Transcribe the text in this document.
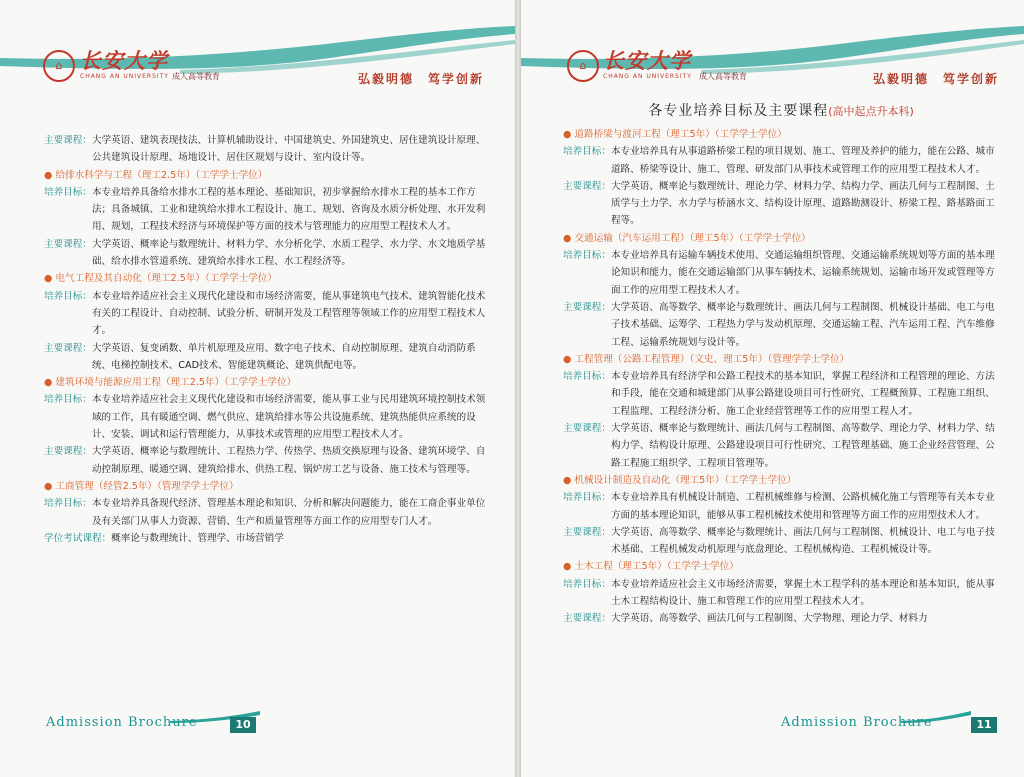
⌂ 长安大学
CHANG AN UNIVERSITY 成人高等教育	弘毅明德　笃学创新
主要课程： 大学英语、建筑表现技法、计算机辅助设计、中国建筑史、外国建筑史、居住建筑设计原理、公共建筑设计原理、场地设计、居住区规划与设计、室内设计等。
● 给排水科学与工程（理工2.5年）（工学学士学位）
培养目标： 本专业培养具备给水排水工程的基本理论、基础知识，初步掌握给水排水工程的基本工作方法；具备城镇、工业和建筑给水排水工程设计、施工、规划、咨询及水质分析处理、水开发利用、规划，工程技术经济与环境保护等方面的技术与管理能力的应用型工程技术人才。
主要课程： 大学英语、概率论与数理统计、材料力学、水分析化学、水质工程学、水力学、水文地质学基础、给水排水管道系统、建筑给水排水工程、水工程经济等。
● 电气工程及其自动化（理工2.5年）（工学学士学位）
培养目标： 本专业培养适应社会主义现代化建设和市场经济需要，能从事建筑电气技术、建筑智能化技术有关的工程设计、自动控制、试验分析、研制开发及工程管理等领域工作的应用型工程技术人才。
主要课程： 大学英语、复变函数、单片机原理及应用、数字电子技术、自动控制原理、建筑自动消防系统、电梯控制技术、CAD技术、智能建筑概论、建筑供配电等。
● 建筑环境与能源应用工程（理工2.5年）（工学学士学位）
培养目标： 本专业培养适应社会主义现代化建设和市场经济需要，能从事工业与民用建筑环境控制技术领域的工作，具有暖通空调、燃气供应、建筑给排水等公共设施系统、建筑热能供应系统的设计、安装、调试和运行管理能力，从事技术或管理的应用型工程技术人才。
主要课程： 大学英语、概率论与数理统计、工程热力学、传热学、热质交换原理与设备、建筑环境学、自动控制原理、暖通空调、建筑给排水、供热工程、锅炉房工艺与设备、施工技术与管理等。
● 工商管理（经管2.5年）（管理学学士学位）
培养目标： 本专业培养具备现代经济、管理基本理论和知识、分析和解决问题能力，能在工商企事业单位及有关部门从事人力资源、营销、生产和质量管理等方面工作的应用型专门人才。
学位考试课程： 概率论与数理统计、管理学、市场营销学
Admission Brochure	10
⌂ 长安大学
CHANG AN UNIVERSITY 成人高等教育	弘毅明德　笃学创新
各专业培养目标及主要课程(高中起点升本科)
● 道路桥梁与渡河工程（理工5年）（工学学士学位）
培养目标： 本专业培养具有从事道路桥梁工程的项目规划、施工、管理及养护的能力，能在公路、城市道路、桥梁等设计、施工、管理、研发部门从事技术或管理工作的应用型工程技术人才。
主要课程： 大学英语、概率论与数理统计、理论力学、材料力学、结构力学、画法几何与工程制图、土质学与土力学、水力学与桥涵水文、结构设计原理、道路勘测设计、桥梁工程、路基路面工程等。
● 交通运输（汽车运用工程）（理工5年）（工学学士学位）
培养目标： 本专业培养具有运输车辆技术使用、交通运输组织管理、交通运输系统规划等方面的基本理论知识和能力，能在交通运输部门从事车辆技术、运输系统规划、运输市场开发或管理等方面工作的应用型工程技术人才。
主要课程： 大学英语、高等数学、概率论与数理统计、画法几何与工程制图、机械设计基础、电工与电子技术基础、运筹学、工程热力学与发动机原理、交通运输工程、汽车运用工程、汽车维修工程、运输系统规划与设计等。
● 工程管理（公路工程管理）（文史、理工5年）（管理学学士学位）
培养目标： 本专业培养具有经济学和公路工程技术的基本知识，掌握工程经济和工程管理的理论、方法和手段，能在交通和城建部门从事公路建设项目可行性研究、工程概预算、工程施工组织、工程监理、工程经济分析、施工企业经营管理等工作的应用型工程人才。
主要课程： 大学英语、概率论与数理统计、画法几何与工程制图、高等数学、理论力学、材料力学、结构力学、结构设计原理、公路建设项目可行性研究、工程管理基础、施工企业经营管理、公路工程施工组织学、工程项目管理等。
● 机械设计制造及自动化（理工5年）（工学学士学位）
培养目标： 本专业培养具有机械设计制造、工程机械维修与检测、公路机械化施工与管理等有关本专业方面的基本理论知识，能够从事工程机械技术使用和管理等方面工作的应用型技术人才。
主要课程： 大学英语、高等数学、概率论与数理统计、画法几何与工程制图、机械设计、电工与电子技术基础、工程机械发动机原理与底盘理论、工程机械构造、工程机械设计等。
● 土木工程（理工5年）（工学学士学位）
培养目标： 本专业培养适应社会主义市场经济需要，掌握土木工程学科的基本理论和基本知识，能从事土木工程结构设计、施工和管理工作的应用型工程技术人才。
主要课程： 大学英语、高等数学、画法几何与工程制图、大学物理、理论力学、材料力
Admission Brochure	11
